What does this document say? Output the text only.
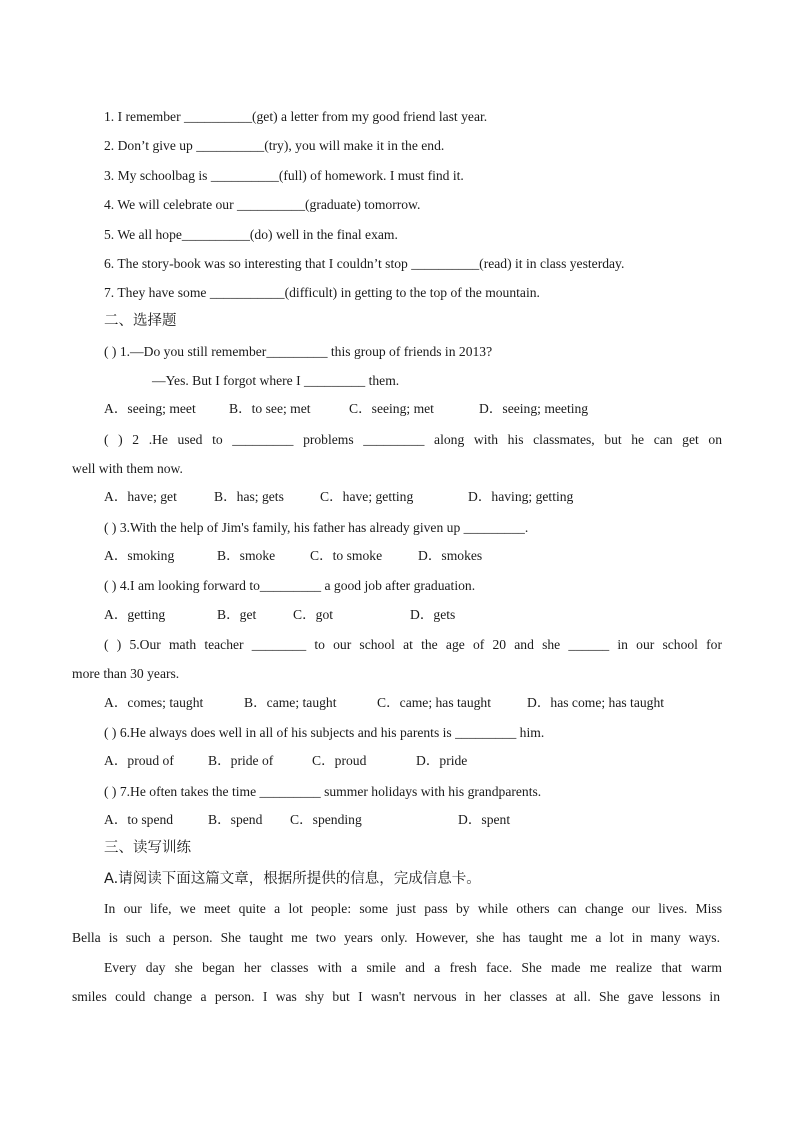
1. I remember __________(get) a letter from my good friend last year.
2. Don’t give up __________(try), you will make it in the end.
3. My schoolbag is __________(full) of homework. I must find it.
4. We will celebrate our __________(graduate) tomorrow.
5. We all hope__________(do) well in the final exam.
6. The story-book was so interesting that I couldn’t stop __________(read) it in class yesterday.
7. They have some ___________(difficult) in getting to the top of the mountain.
二、选择题
( ) 1.—Do you still remember_________ this group of friends in 2013?
—Yes. But I forgot where I _________ them.
A．seeing; meet B．to see; met	C．seeing; met	D．seeing; meeting
( ) 2 .He used to _________ problems _________ along with his classmates, but he can get on
well with them now.
A．have; get	B．has; gets	C．have; getting	D．having; getting
( ) 3.With the help of Jim's family, his father has already given up _________.
A．smoking	B．smoke	C．to smoke	D．smokes
( ) 4.I am looking forward to_________ a good job after graduation.
A．getting	B．get	C．got	D．gets
( ) 5.Our math teacher ________ to our school at the age of 20 and she ______ in our school for
more than 30 years.
A．comes; taught	B．came; taught	C．came; has taught	D．has come; has taught
( ) 6.He always does well in all of his subjects and his parents is _________ him.
A．proud of	B．pride of	C．proud	D．pride
( ) 7.He often takes the time _________ summer holidays with his grandparents.
A．to spend	B．spend C．spending	D．spent
三、读写训练
A.请阅读下面这篇文章，根据所提供的信息，完成信息卡。
In our life, we meet quite a lot people: some just pass by while others can change our lives. Miss
Bella is such a person. She taught me two years only. However, she has taught me a lot in many ways.
Every day she began her classes with a smile and a fresh face. She made me realize that warm
smiles could change a person. I was shy but I wasn't nervous in her classes at all. She gave lessons in
